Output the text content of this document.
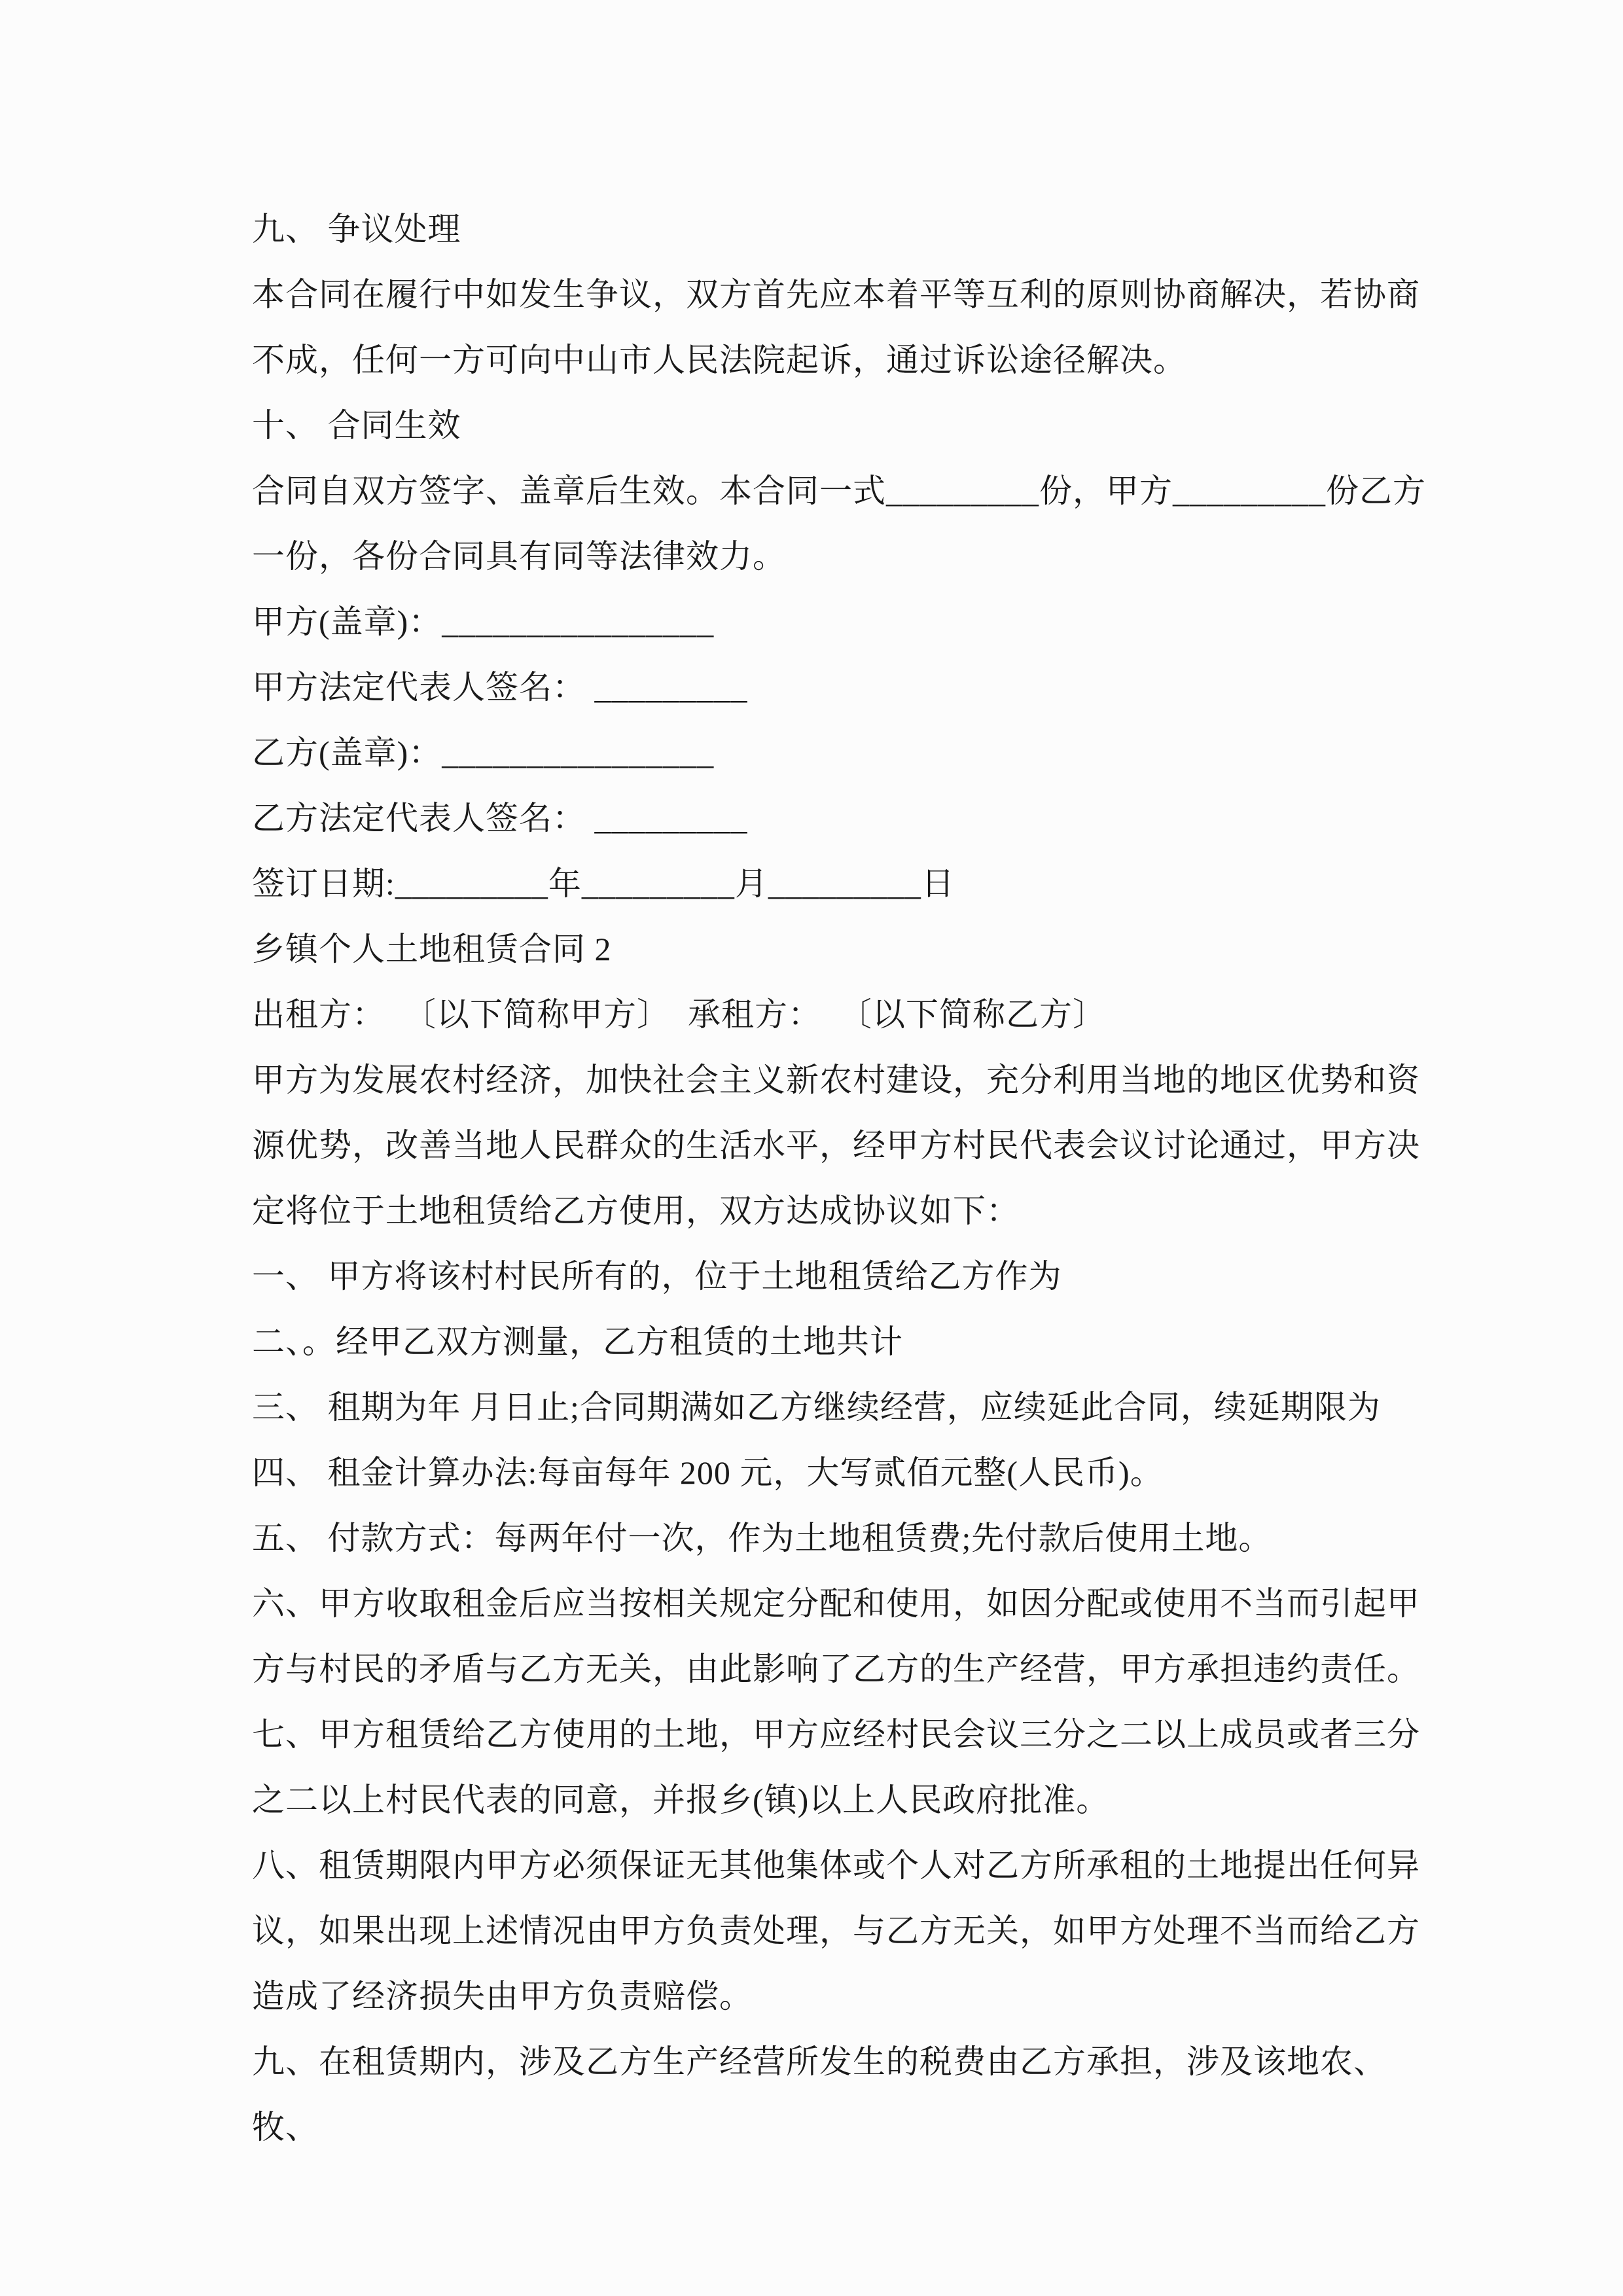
九、 争议处理
本合同在履行中如发生争议，双方首先应本着平等互利的原则协商解决，若协商
不成，任何一方可向中山市人民法院起诉，通过诉讼途径解决。
十、 合同生效
合同自双方签字、盖章后生效。本合同一式_________份，甲方_________份乙方
一份，各份合同具有同等法律效力。
甲方(盖章)：________________
甲方法定代表人签名： _________
乙方(盖章)：________________
乙方法定代表人签名： _________
签订日期:_________年_________月_________日
乡镇个人土地租赁合同 2
出租方：  〔以下简称甲方〕  承租方：  〔以下简称乙方〕
甲方为发展农村经济，加快社会主义新农村建设，充分利用当地的地区优势和资
源优势，改善当地人民群众的生活水平，经甲方村民代表会议讨论通过，甲方决
定将位于土地租赁给乙方使用，双方达成协议如下：
一、 甲方将该村村民所有的，位于土地租赁给乙方作为
二、。经甲乙双方测量，乙方租赁的土地共计
三、 租期为年 月日止;合同期满如乙方继续经营，应续延此合同，续延期限为
四、 租金计算办法:每亩每年 200 元，大写贰佰元整(人民币)。
五、 付款方式：每两年付一次，作为土地租赁费;先付款后使用土地。
六、甲方收取租金后应当按相关规定分配和使用，如因分配或使用不当而引起甲
方与村民的矛盾与乙方无关，由此影响了乙方的生产经营，甲方承担违约责任。
七、甲方租赁给乙方使用的土地，甲方应经村民会议三分之二以上成员或者三分
之二以上村民代表的同意，并报乡(镇)以上人民政府批准。
八、租赁期限内甲方必须保证无其他集体或个人对乙方所承租的土地提出任何异
议，如果出现上述情况由甲方负责处理，与乙方无关，如甲方处理不当而给乙方
造成了经济损失由甲方负责赔偿。
九、在租赁期内，涉及乙方生产经营所发生的税费由乙方承担，涉及该地农、牧、
